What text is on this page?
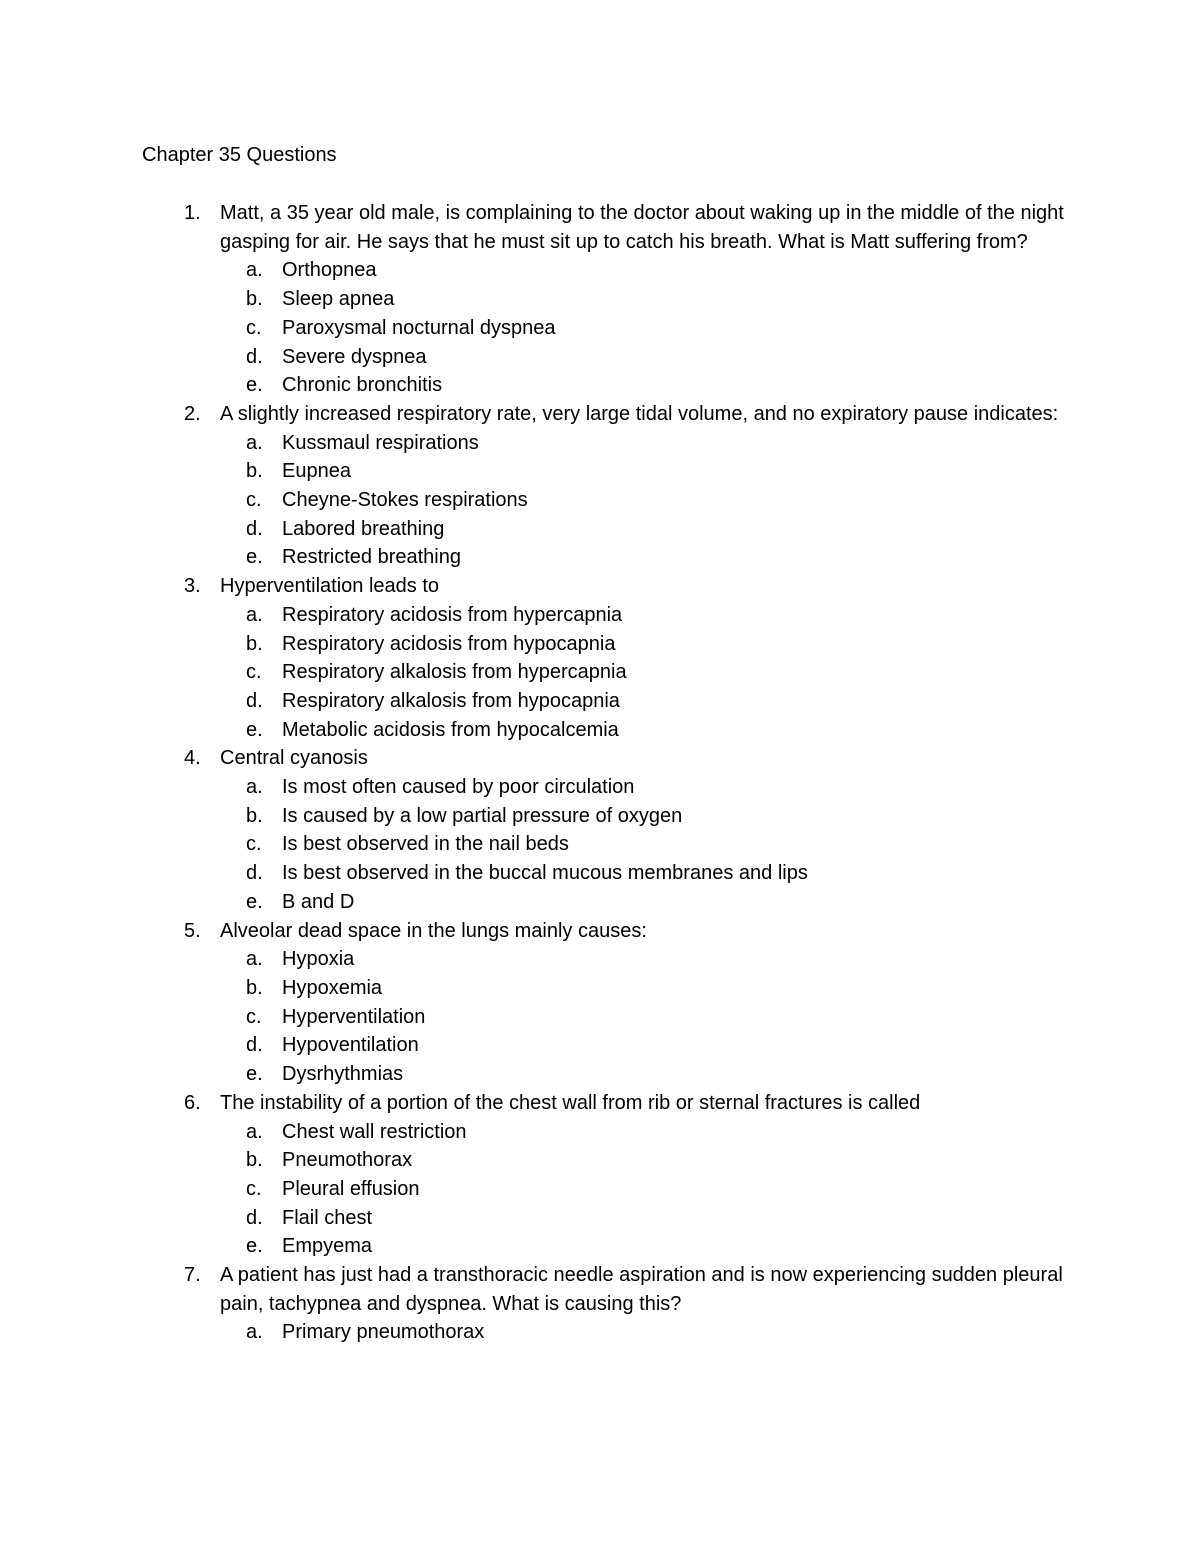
Chapter 35 Questions
1. Matt, a 35 year old male, is complaining to the doctor about waking up in the middle of the night gasping for air. He says that he must sit up to catch his breath. What is Matt suffering from?
a. Orthopnea
b. Sleep apnea
c. Paroxysmal nocturnal dyspnea
d. Severe dyspnea
e. Chronic bronchitis
2. A slightly increased respiratory rate, very large tidal volume, and no expiratory pause indicates:
a. Kussmaul respirations
b. Eupnea
c. Cheyne-Stokes respirations
d. Labored breathing
e. Restricted breathing
3. Hyperventilation leads to
a. Respiratory acidosis from hypercapnia
b. Respiratory acidosis from hypocapnia
c. Respiratory alkalosis from hypercapnia
d. Respiratory alkalosis from hypocapnia
e. Metabolic acidosis from hypocalcemia
4. Central cyanosis
a. Is most often caused by poor circulation
b. Is caused by a low partial pressure of oxygen
c. Is best observed in the nail beds
d. Is best observed in the buccal mucous membranes and lips
e. B and D
5. Alveolar dead space in the lungs mainly causes:
a. Hypoxia
b. Hypoxemia
c. Hyperventilation
d. Hypoventilation
e. Dysrhythmias
6. The instability of a portion of the chest wall from rib or sternal fractures is called
a. Chest wall restriction
b. Pneumothorax
c. Pleural effusion
d. Flail chest
e. Empyema
7. A patient has just had a transthoracic needle aspiration and is now experiencing sudden pleural pain, tachypnea and dyspnea. What is causing this?
a. Primary pneumothorax
